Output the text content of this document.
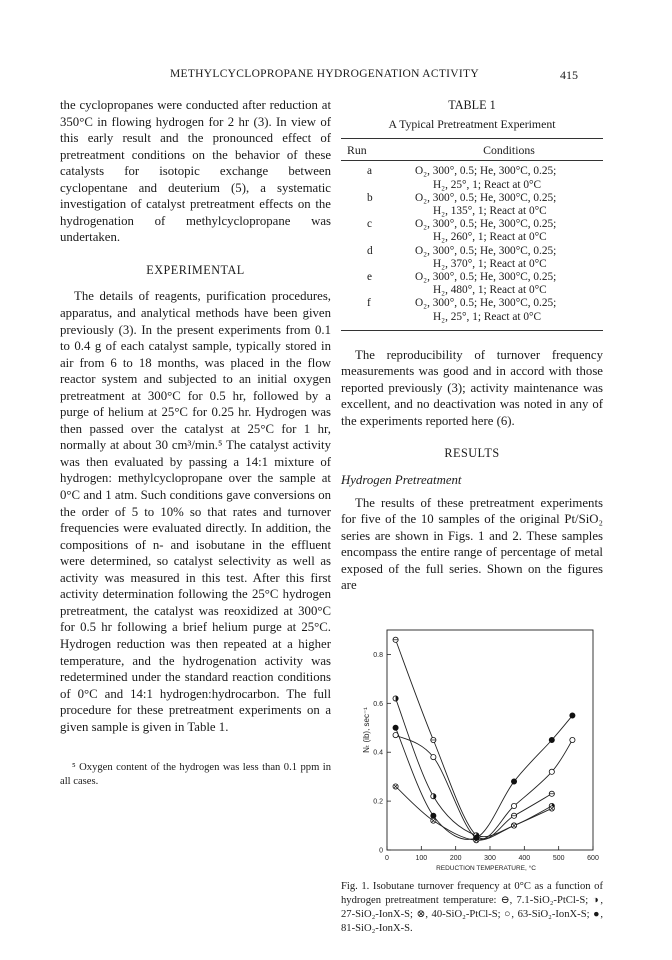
METHYLCYCLOPROPANE HYDROGENATION ACTIVITY	415

the cyclopropanes were conducted after reduction at 350°C in flowing hydrogen for 2 hr (3). In view of this early result and the pronounced effect of pretreatment conditions on the behavior of these catalysts for isotopic exchange between cyclopentane and deuterium (5), a systematic investigation of catalyst pretreatment effects on the hydrogenation of methylcyclopropane was undertaken.

EXPERIMENTAL

The details of reagents, purification procedures, apparatus, and analytical methods have been given previously (3). In the present experiments from 0.1 to 0.4 g of each catalyst sample, typically stored in air from 6 to 18 months, was placed in the flow reactor system and subjected to an initial oxygen pretreatment at 300°C for 0.5 hr, followed by a purge of helium at 25°C for 0.25 hr. Hydrogen was then passed over the catalyst at 25°C for 1 hr, normally at about 30 cm³/min.⁵ The catalyst activity was then evaluated by passing a 14:1 mixture of hydrogen: methylcyclopropane over the sample at 0°C and 1 atm. Such conditions gave conversions on the order of 5 to 10% so that rates and turnover frequencies were evaluated directly. In addition, the compositions of n- and isobutane in the effluent were determined, so catalyst selectivity as well as activity was measured in this test. After this first activity determination following the 25°C hydrogen pretreatment, the catalyst was reoxidized at 300°C for 0.5 hr following a brief helium purge at 25°C. Hydrogen reduction was then repeated at a higher temperature, and the hydrogenation activity was redetermined under the standard reaction conditions of 0°C and 14:1 hydrogen:hydrocarbon. The full procedure for these pretreatment experiments on a given sample is given in Table 1.

⁵ Oxygen content of the hydrogen was less than 0.1 ppm in all cases.

TABLE 1
A Typical Pretreatment Experiment
Run	Conditions
a	O₂, 300°, 0.5; He, 300°C, 0.25;
H₂, 25°, 1; React at 0°C

b	O₂, 300°, 0.5; He, 300°C, 0.25;
H₂, 135°, 1; React at 0°C

c	O₂, 300°, 0.5; He, 300°C, 0.25;
H₂, 260°, 1; React at 0°C

d	O₂, 300°, 0.5; He, 300°C, 0.25;
H₂, 370°, 1; React at 0°C

e	O₂, 300°, 0.5; He, 300°C, 0.25;
H₂, 480°, 1; React at 0°C

f	O₂, 300°, 0.5; He, 300°C, 0.25;
H₂, 25°, 1; React at 0°C

The reproducibility of turnover frequency measurements was good and in accord with those reported previously (3); activity maintenance was excellent, and no deactivation was noted in any of the experiments reported here (6).

RESULTS

Hydrogen Pretreatment

The results of these pretreatment experiments for five of the 10 samples of the original Pt/SiO₂ series are shown in Figs. 1 and 2. These samples encompass the entire range of percentage of metal exposed of the full series. Shown on the figures are

0	100	200	300	400	500	600
0
0.2
0.4
0.6
0.8
Nₜ (ib), sec⁻¹
REDUCTION TEMPERATURE, °C
Fig. 1. Isobutane turnover frequency at 0°C as a function of hydrogen pretreatment temperature: ⊖, 7.1-SiO₂-PtCl-S; ◑, 27-SiO₂-IonX-S; ⊗, 40-SiO₂-PtCl-S; ○, 63-SiO₂-IonX-S; ●, 81-SiO₂-IonX-S.
